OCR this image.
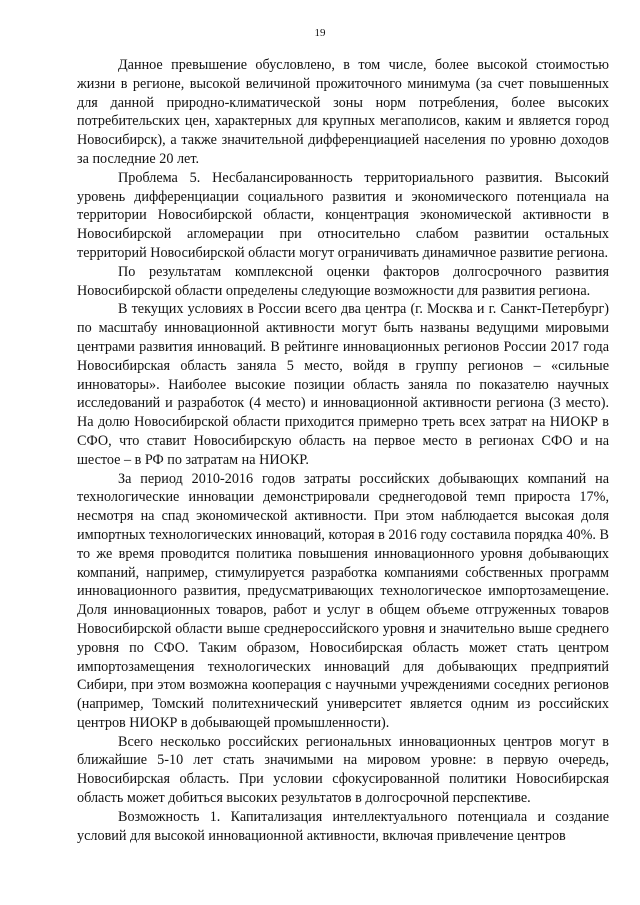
19

Данное превышение обусловлено, в том числе, более высокой стоимостью жизни в регионе, высокой величиной прожиточного минимума (за счет повышенных для данной природно-климатической зоны норм потребления, более высоких потребительских цен, характерных для крупных мегаполисов, каким и является город Новосибирск), а также значительной дифференциацией населения по уровню доходов за последние 20 лет.

Проблема 5. Несбалансированность территориального развития. Высокий уровень дифференциации социального развития и экономического потенциала на территории Новосибирской области, концентрация экономической активности в Новосибирской агломерации при относительно слабом развитии остальных территорий Новосибирской области могут ограничивать динамичное развитие региона.

По результатам комплексной оценки факторов долгосрочного развития Новосибирской области определены следующие возможности для развития региона.

В текущих условиях в России всего два центра (г. Москва и г. Санкт-Петербург) по масштабу инновационной активности могут быть названы ведущими мировыми центрами развития инноваций. В рейтинге инновационных регионов России 2017 года Новосибирская область заняла 5 место, войдя в группу регионов – «сильные инноваторы». Наиболее высокие позиции область заняла по показателю научных исследований и разработок (4 место) и инновационной активности региона (3 место). На долю Новосибирской области приходится примерно треть всех затрат на НИОКР в СФО, что ставит Новосибирскую область на первое место в регионах СФО и на шестое – в РФ по затратам на НИОКР.

За период 2010-2016 годов затраты российских добывающих компаний на технологические инновации демонстрировали среднегодовой темп прироста 17%, несмотря на спад экономической активности. При этом наблюдается высокая доля импортных технологических инноваций, которая в 2016 году составила порядка 40%. В то же время проводится политика повышения инновационного уровня добывающих компаний, например, стимулируется разработка компаниями собственных программ инновационного развития, предусматривающих технологическое импортозамещение. Доля инновационных товаров, работ и услуг в общем объеме отгруженных товаров Новосибирской области выше среднероссийского уровня и значительно выше среднего уровня по СФО. Таким образом, Новосибирская область может стать центром импортозамещения технологических инноваций для добывающих предприятий Сибири, при этом возможна кооперация с научными учреждениями соседних регионов (например, Томский политехнический университет является одним из российских центров НИОКР в добывающей промышленности).

Всего несколько российских региональных инновационных центров могут в ближайшие 5-10 лет стать значимыми на мировом уровне: в первую очередь, Новосибирская область. При условии сфокусированной политики Новосибирская область может добиться высоких результатов в долгосрочной перспективе.

Возможность 1. Капитализация интеллектуального потенциала и создание условий для высокой инновационной активности, включая привлечение центров
